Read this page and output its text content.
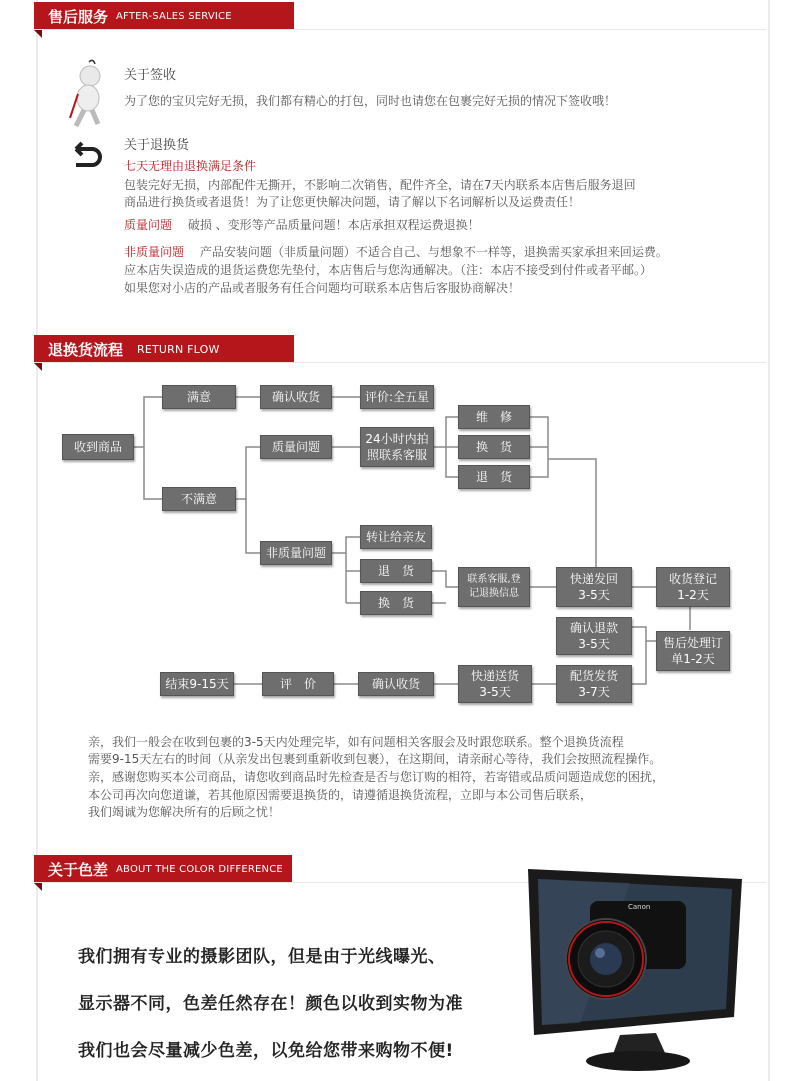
售后服务 AFTER-SALES SERVICE
关于签收
为了您的宝贝完好无损，我们都有精心的打包，同时也请您在包裹完好无损的情况下签收哦！
关于退换货
七天无理由退换满足条件
包装完好无损，内部配件无撕开，不影响二次销售，配件齐全，请在7天内联系本店售后服务退回
商品进行换货或者退货！为了让您更快解决问题，请了解以下名词解析以及运费责任！
质量问题 破损 、变形等产品质量问题！本店承担双程运费退换！
非质量问题 产品安装问题（非质量问题）不适合自己、与想象不一样等，退换需买家承担来回运费。
应本店失误造成的退货运费您先垫付，本店售后与您沟通解决。（注：本店不接受到付件或者平邮。）
如果您对小店的产品或者服务有任合问题均可联系本店售后客服协商解决！
退换货流程 RETURN FLOW
收到商品
满意	确认收货	评价:全五星
不满意
质量问题
24小时内拍
照联系客服
维　修
换　货
退　货
非质量问题
转让给亲友
退　货
换　货
联系客服,登
记退换信息
快递发回
3-5天
收货登记
1-2天
确认退款
3-5天	售后处理订
单1-2天
配货发货
3-7天
快递送货
3-5天
确认收货
评　价
结束9-15天
亲，我们一般会在收到包裹的3-5天内处理完毕，如有问题相关客服会及时跟您联系。整个退换货流程
需要9-15天左右的时间（从亲发出包裹到重新收到包裹），在这期间，请亲耐心等待，我们会按照流程操作。
亲，感谢您购买本公司商品，请您收到商品时先检查是否与您订购的相符，若寄错或品质问题造成您的困扰，
本公司再次向您道谦，若其他原因需要退换货的，请遵循退换货流程，立即与本公司售后联系，
我们竭诚为您解决所有的后顾之忧！
关于色差 ABOUT THE COLOR DIFFERENCE
我们拥有专业的摄影团队，但是由于光线曝光、
显示器不同，色差任然存在！颜色以收到实物为准
我们也会尽量减少色差，以免给您带来购物不便!
Canon
